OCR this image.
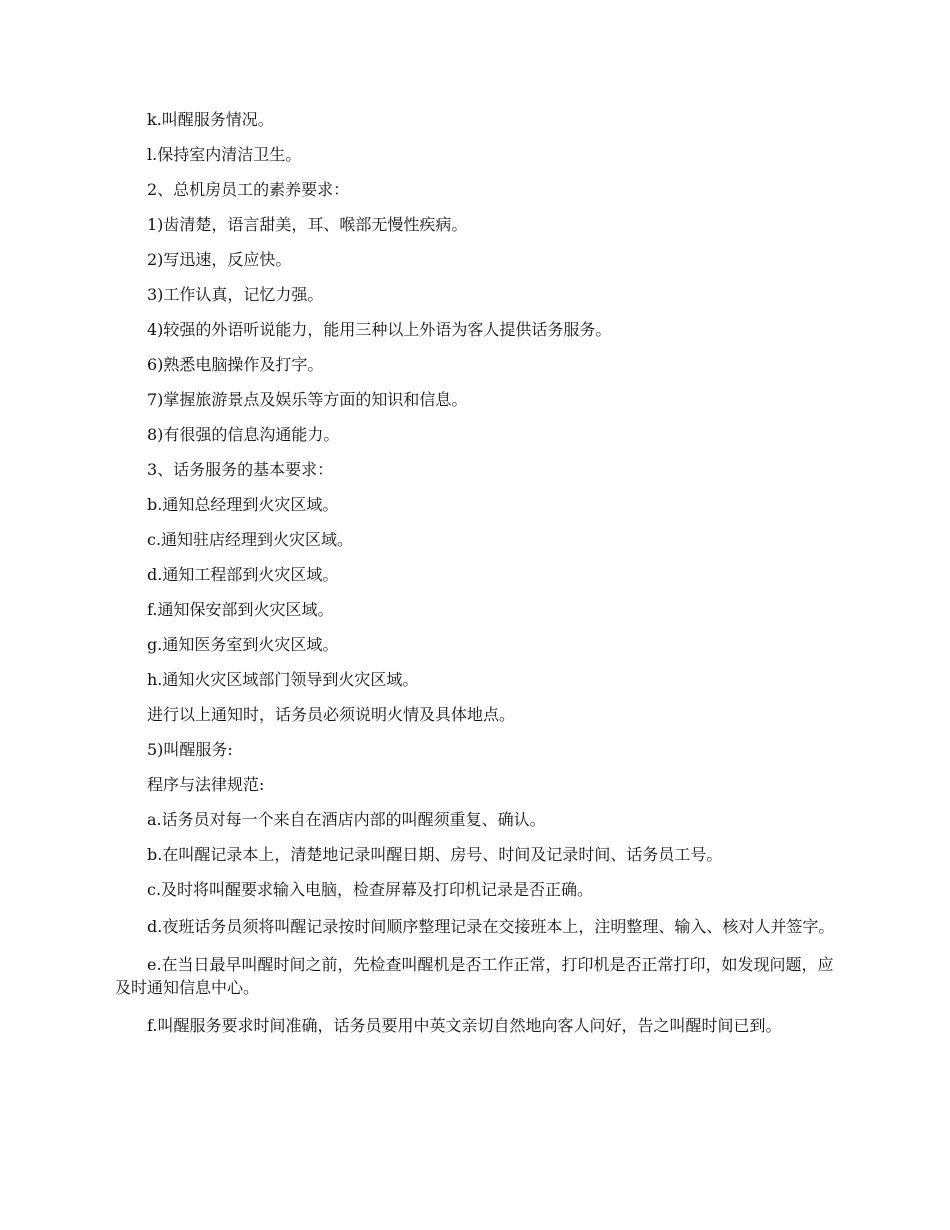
k.叫醒服务情况。

l.保持室内清洁卫生。

2、总机房员工的素养要求：

1)齿清楚，语言甜美，耳、喉部无慢性疾病。

2)写迅速，反应快。

3)工作认真，记忆力强。

4)较强的外语听说能力，能用三种以上外语为客人提供话务服务。

6)熟悉电脑操作及打字。

7)掌握旅游景点及娱乐等方面的知识和信息。

8)有很强的信息沟通能力。

3、话务服务的基本要求：

b.通知总经理到火灾区域。

c.通知驻店经理到火灾区域。

d.通知工程部到火灾区域。

f.通知保安部到火灾区域。

g.通知医务室到火灾区域。

h.通知火灾区域部门领导到火灾区域。

进行以上通知时，话务员必须说明火情及具体地点。

5)叫醒服务:

程序与法律规范:

a.话务员对每一个来自在酒店内部的叫醒须重复、确认。

b.在叫醒记录本上，清楚地记录叫醒日期、房号、时间及记录时间、话务员工号。

c.及时将叫醒要求输入电脑，检查屏幕及打印机记录是否正确。

d.夜班话务员须将叫醒记录按时间顺序整理记录在交接班本上，注明整理、输入、核对人并签字。

e.在当日最早叫醒时间之前，先检查叫醒机是否工作正常，打印机是否正常打印，如发现问题，应及时通知信息中心。

f.叫醒服务要求时间准确，话务员要用中英文亲切自然地向客人问好，告之叫醒时间已到。
